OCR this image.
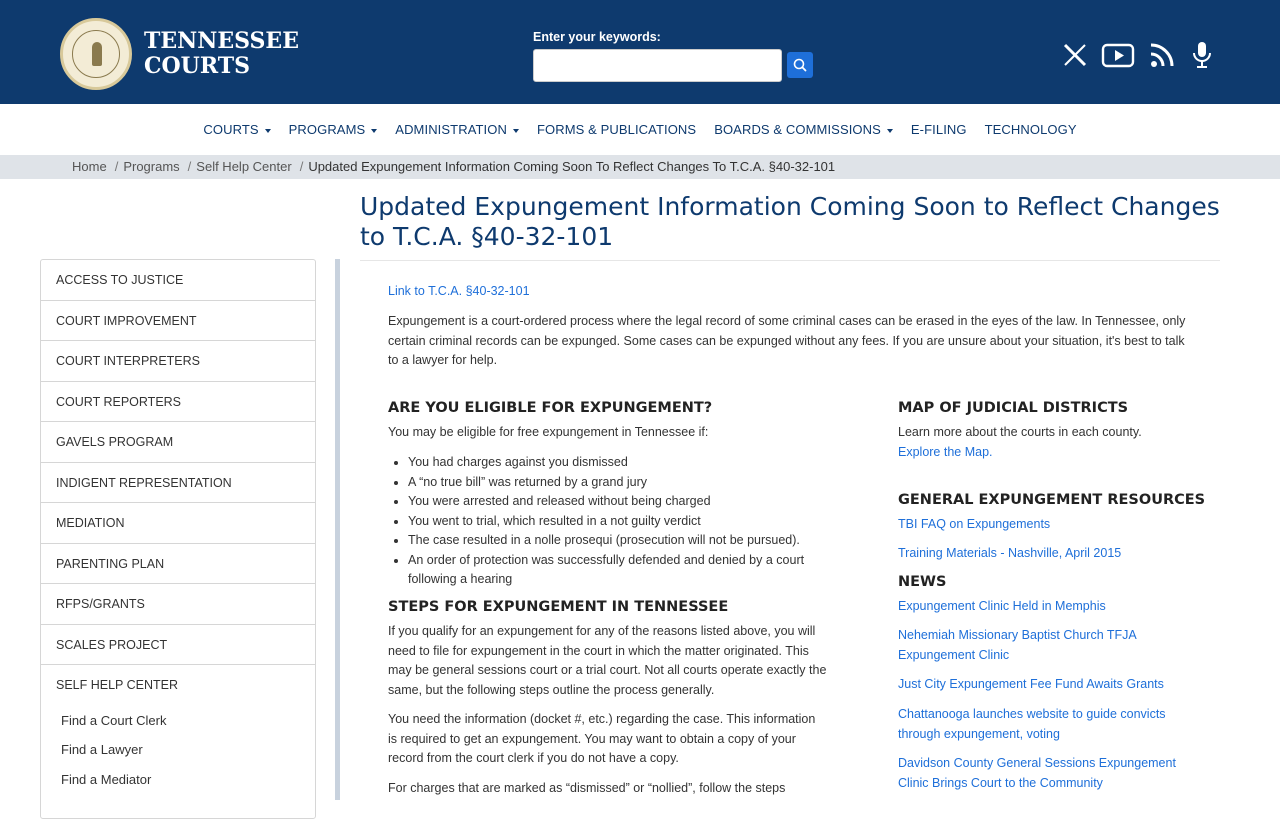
TENNESSEE
COURTS
Enter your keywords:
COURTS	PROGRAMS	ADMINISTRATION	FORMS & PUBLICATIONS BOARDS & COMMISSIONS	E-FILING TECHNOLOGY
Home / Programs / Self Help Center / Updated Expungement Information Coming Soon To Reflect Changes To T.C.A. §40-32-101
Updated Expungement Information Coming Soon to Reflect Changes to T.C.A. §40-32-101
ACCESS TO JUSTICE
COURT IMPROVEMENT
COURT INTERPRETERS
COURT REPORTERS
GAVELS PROGRAM
INDIGENT REPRESENTATION
MEDIATION
PARENTING PLAN
RFPS/GRANTS
SCALES PROJECT
SELF HELP CENTER
Find a Court Clerk
Find a Lawyer
Find a Mediator
Link to T.C.A. §40-32-101

Expungement is a court-ordered process where the legal record of some criminal cases can be erased in the eyes of the law. In Tennessee, only certain criminal records can be expunged. Some cases can be expunged without any fees. If you are unsure about your situation, it's best to talk to a lawyer for help.

ARE YOU ELIGIBLE FOR EXPUNGEMENT?

You may be eligible for free expungement in Tennessee if:

• You had charges against you dismissed
• A “no true bill” was returned by a grand jury
• You were arrested and released without being charged
• You went to trial, which resulted in a not guilty verdict
• The case resulted in a nolle prosequi (prosecution will not be pursued).
• An order of protection was successfully defended and denied by a court following a hearing
STEPS FOR EXPUNGEMENT IN TENNESSEE

If you qualify for an expungement for any of the reasons listed above, you will need to file for expungement in the court in which the matter originated. This may be general sessions court or a trial court. Not all courts operate exactly the same, but the following steps outline the process generally.

You need the information (docket #, etc.) regarding the case. This information is required to get an expungement. You may want to obtain a copy of your record from the court clerk if you do not have a copy.

For charges that are marked as “dismissed” or “nollied”, follow the steps

MAP OF JUDICIAL DISTRICTS

Learn more about the courts in each county.

Explore the Map.
GENERAL EXPUNGEMENT RESOURCES
TBI FAQ on Expungements
Training Materials - Nashville, April 2015
NEWS
Expungement Clinic Held in Memphis
Nehemiah Missionary Baptist Church TFJA Expungement Clinic
Just City Expungement Fee Fund Awaits Grants
Chattanooga launches website to guide convicts through expungement, voting
Davidson County General Sessions Expungement Clinic Brings Court to the Community
